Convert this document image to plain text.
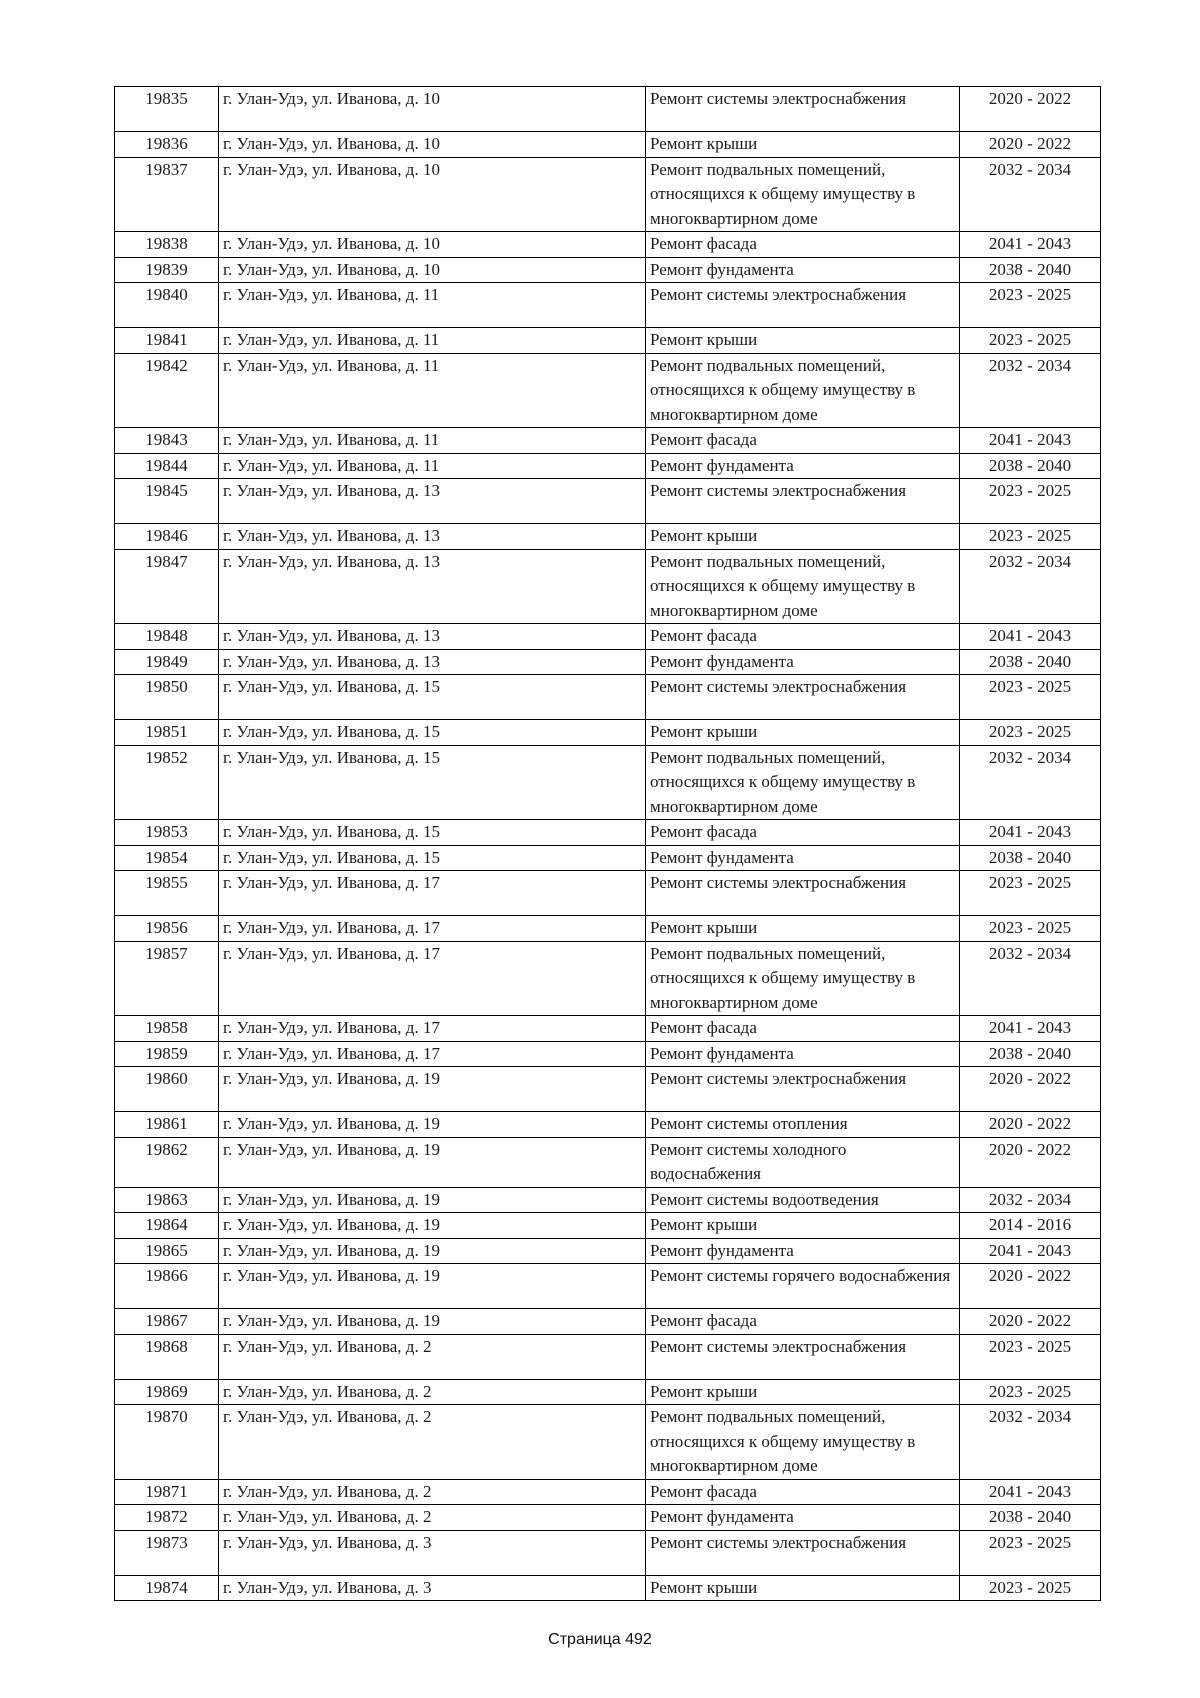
19835	г. Улан-Удэ, ул. Иванова, д. 10	Ремонт системы электроснабжения	2020 - 2022
19836	г. Улан-Удэ, ул. Иванова, д. 10	Ремонт крыши	2020 - 2022
19837	г. Улан-Удэ, ул. Иванова, д. 10	Ремонт подвальных помещений, относящихся к общему имуществу в многоквартирном доме	2032 - 2034
19838	г. Улан-Удэ, ул. Иванова, д. 10	Ремонт фасада	2041 - 2043
19839	г. Улан-Удэ, ул. Иванова, д. 10	Ремонт фундамента	2038 - 2040
19840	г. Улан-Удэ, ул. Иванова, д. 11	Ремонт системы электроснабжения	2023 - 2025
19841	г. Улан-Удэ, ул. Иванова, д. 11	Ремонт крыши	2023 - 2025
19842	г. Улан-Удэ, ул. Иванова, д. 11	Ремонт подвальных помещений, относящихся к общему имуществу в многоквартирном доме	2032 - 2034
19843	г. Улан-Удэ, ул. Иванова, д. 11	Ремонт фасада	2041 - 2043
19844	г. Улан-Удэ, ул. Иванова, д. 11	Ремонт фундамента	2038 - 2040
19845	г. Улан-Удэ, ул. Иванова, д. 13	Ремонт системы электроснабжения	2023 - 2025
19846	г. Улан-Удэ, ул. Иванова, д. 13	Ремонт крыши	2023 - 2025
19847	г. Улан-Удэ, ул. Иванова, д. 13	Ремонт подвальных помещений, относящихся к общему имуществу в многоквартирном доме	2032 - 2034
19848	г. Улан-Удэ, ул. Иванова, д. 13	Ремонт фасада	2041 - 2043
19849	г. Улан-Удэ, ул. Иванова, д. 13	Ремонт фундамента	2038 - 2040
19850	г. Улан-Удэ, ул. Иванова, д. 15	Ремонт системы электроснабжения	2023 - 2025
19851	г. Улан-Удэ, ул. Иванова, д. 15	Ремонт крыши	2023 - 2025
19852	г. Улан-Удэ, ул. Иванова, д. 15	Ремонт подвальных помещений, относящихся к общему имуществу в многоквартирном доме	2032 - 2034
19853	г. Улан-Удэ, ул. Иванова, д. 15	Ремонт фасада	2041 - 2043
19854	г. Улан-Удэ, ул. Иванова, д. 15	Ремонт фундамента	2038 - 2040
19855	г. Улан-Удэ, ул. Иванова, д. 17	Ремонт системы электроснабжения	2023 - 2025
19856	г. Улан-Удэ, ул. Иванова, д. 17	Ремонт крыши	2023 - 2025
19857	г. Улан-Удэ, ул. Иванова, д. 17	Ремонт подвальных помещений, относящихся к общему имуществу в многоквартирном доме	2032 - 2034
19858	г. Улан-Удэ, ул. Иванова, д. 17	Ремонт фасада	2041 - 2043
19859	г. Улан-Удэ, ул. Иванова, д. 17	Ремонт фундамента	2038 - 2040
19860	г. Улан-Удэ, ул. Иванова, д. 19	Ремонт системы электроснабжения	2020 - 2022
19861	г. Улан-Удэ, ул. Иванова, д. 19	Ремонт системы отопления	2020 - 2022
19862	г. Улан-Удэ, ул. Иванова, д. 19	Ремонт системы холодного водоснабжения	2020 - 2022
19863	г. Улан-Удэ, ул. Иванова, д. 19	Ремонт системы водоотведения	2032 - 2034
19864	г. Улан-Удэ, ул. Иванова, д. 19	Ремонт крыши	2014 - 2016
19865	г. Улан-Удэ, ул. Иванова, д. 19	Ремонт фундамента	2041 - 2043
19866	г. Улан-Удэ, ул. Иванова, д. 19	Ремонт системы горячего водоснабжения	2020 - 2022
19867	г. Улан-Удэ, ул. Иванова, д. 19	Ремонт фасада	2020 - 2022
19868	г. Улан-Удэ, ул. Иванова, д. 2	Ремонт системы электроснабжения	2023 - 2025
19869	г. Улан-Удэ, ул. Иванова, д. 2	Ремонт крыши	2023 - 2025
19870	г. Улан-Удэ, ул. Иванова, д. 2	Ремонт подвальных помещений, относящихся к общему имуществу в многоквартирном доме	2032 - 2034
19871	г. Улан-Удэ, ул. Иванова, д. 2	Ремонт фасада	2041 - 2043
19872	г. Улан-Удэ, ул. Иванова, д. 2	Ремонт фундамента	2038 - 2040
19873	г. Улан-Удэ, ул. Иванова, д. 3	Ремонт системы электроснабжения	2023 - 2025
19874	г. Улан-Удэ, ул. Иванова, д. 3	Ремонт крыши	2023 - 2025
Страница 492
